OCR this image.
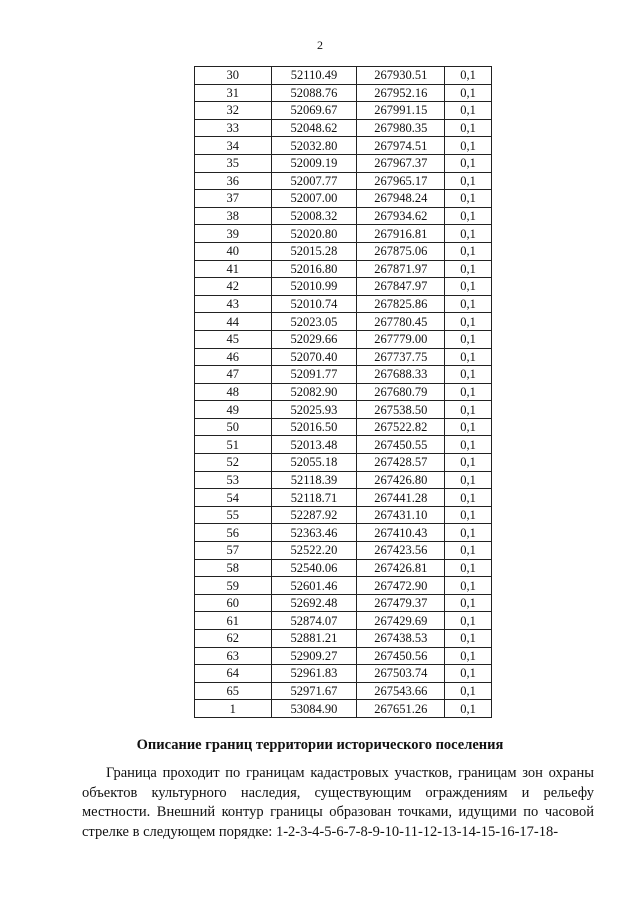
2
30	52110.49	267930.51	0,1
31	52088.76	267952.16	0,1
32	52069.67	267991.15	0,1
33	52048.62	267980.35	0,1
34	52032.80	267974.51	0,1
35	52009.19	267967.37	0,1
36	52007.77	267965.17	0,1
37	52007.00	267948.24	0,1
38	52008.32	267934.62	0,1
39	52020.80	267916.81	0,1
40	52015.28	267875.06	0,1
41	52016.80	267871.97	0,1
42	52010.99	267847.97	0,1
43	52010.74	267825.86	0,1
44	52023.05	267780.45	0,1
45	52029.66	267779.00	0,1
46	52070.40	267737.75	0,1
47	52091.77	267688.33	0,1
48	52082.90	267680.79	0,1
49	52025.93	267538.50	0,1
50	52016.50	267522.82	0,1
51	52013.48	267450.55	0,1
52	52055.18	267428.57	0,1
53	52118.39	267426.80	0,1
54	52118.71	267441.28	0,1
55	52287.92	267431.10	0,1
56	52363.46	267410.43	0,1
57	52522.20	267423.56	0,1
58	52540.06	267426.81	0,1
59	52601.46	267472.90	0,1
60	52692.48	267479.37	0,1
61	52874.07	267429.69	0,1
62	52881.21	267438.53	0,1
63	52909.27	267450.56	0,1
64	52961.83	267503.74	0,1
65	52971.67	267543.66	0,1
1	53084.90	267651.26	0,1
Описание границ территории исторического поселения

Граница проходит по границам кадастровых участков, границам зон охраны объектов культурного наследия, существующим ограждениям и рельефу местности. Внешний контур границы образован точками, идущими по часовой стрелке в следующем порядке: 1-2-3-4-5-6-7-8-9-10-11-12-13-14-15-16-17-18-
